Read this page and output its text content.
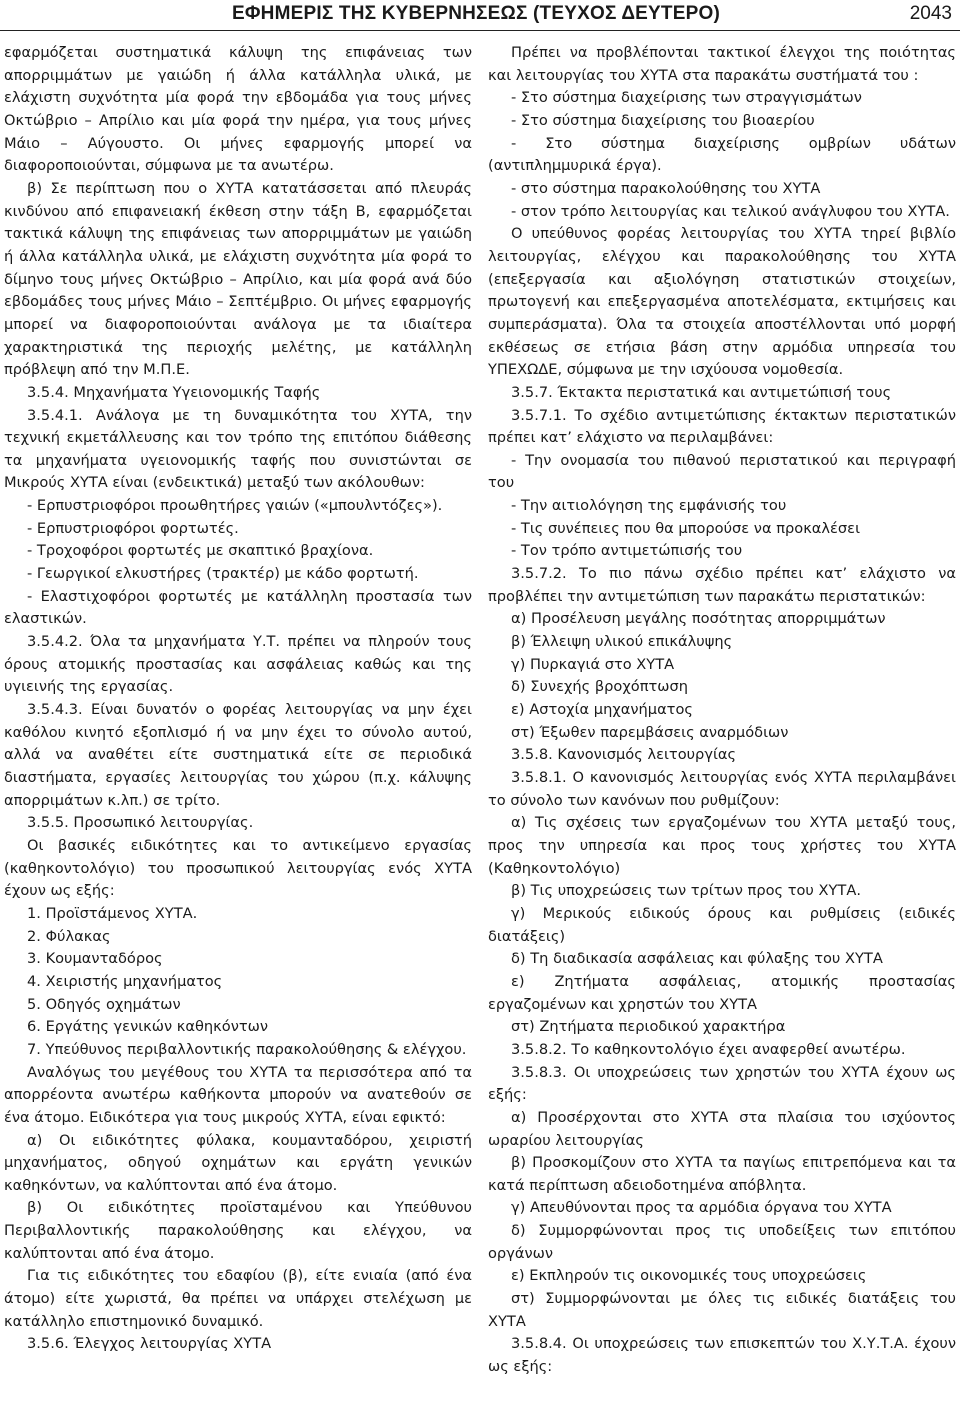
ΕΦΗΜΕΡΙΣ ΤΗΣ ΚΥΒΕΡΝΗΣΕΩΣ (ΤΕΥΧΟΣ ΔΕΥΤΕΡΟ)	2043

εφαρμόζεται συστηματικά κάλυψη της επιφάνειας των απορριμμάτων με γαιώδη ή άλλα κατάλληλα υλικά, με ελάχιστη συχνότητα μία φορά την εβδομάδα για τους μήνες Οκτώβριο – Απρίλιο και μία φορά την ημέρα, για τους μήνες Μάιο – Αύγουστο. Οι μήνες εφαρμογής μπορεί να διαφοροποιούνται, σύμφωνα με τα ανωτέρω.

β) Σε περίπτωση που ο ΧΥΤΑ κατατάσσεται από πλευράς κινδύνου από επιφανειακή έκθεση στην τάξη Β, εφαρμόζεται τακτικά κάλυψη της επιφάνειας των απορριμμάτων με γαιώδη ή άλλα κατάλληλα υλικά, με ελάχιστη συχνότητα μία φορά το δίμηνο τους μήνες Οκτώβριο – Απρίλιο, και μία φορά ανά δύο εβδομάδες τους μήνες Μάιο – Σεπτέμβριο. Οι μήνες εφαρμογής μπορεί να διαφοροποιούνται ανάλογα με τα ιδιαίτερα χαρακτηριστικά της περιοχής μελέτης, με κατάλληλη πρόβλεψη από την Μ.Π.Ε.

3.5.4. Μηχανήματα Υγειονομικής Ταφής

3.5.4.1. Ανάλογα με τη δυναμικότητα του ΧΥΤΑ, την τεχνική εκμετάλλευσης και τον τρόπο της επιτόπου διάθεσης τα μηχανήματα υγειονομικής ταφής που συνιστώνται σε Μικρούς ΧΥΤΑ είναι (ενδεικτικά) μεταξύ των ακόλουθων:

- Ερπυστριοφόροι προωθητήρες γαιών («μπουλντόζες»).

- Ερπυστριοφόροι φορτωτές.

- Τροχοφόροι φορτωτές με σκαπτικό βραχίονα.

- Γεωργικοί ελκυστήρες (τρακτέρ) με κάδο φορτωτή.

- Ελαστιχοφόροι φορτωτές με κατάλληλη προστασία των ελαστικών.

3.5.4.2. Όλα τα μηχανήματα Υ.Τ. πρέπει να πληρούν τους όρους ατομικής προστασίας και ασφάλειας καθώς και της υγιεινής της εργασίας.

3.5.4.3. Είναι δυνατόν ο φορέας λειτουργίας να μην έχει καθόλου κινητό εξοπλισμό ή να μην έχει το σύνολο αυτού, αλλά να αναθέτει είτε συστηματικά είτε σε περιοδικά διαστήματα, εργασίες λειτουργίας του χώρου (π.χ. κάλυψης απορριμάτων κ.λπ.) σε τρίτο.

3.5.5. Προσωπικό λειτουργίας.

Οι βασικές ειδικότητες και το αντικείμενο εργασίας (καθηκοντολόγιο) του προσωπικού λειτουργίας ενός ΧΥΤΑ έχουν ως εξής:

1. Προϊστάμενος ΧΥΤΑ.

2. Φύλακας

3. Κουμανταδόρος

4. Χειριστής μηχανήματος

5. Οδηγός οχημάτων

6. Εργάτης γενικών καθηκόντων

7. Υπεύθυνος περιβαλλοντικής παρακολούθησης & ελέγχου.

Αναλόγως του μεγέθους του ΧΥΤΑ τα περισσότερα από τα απορρέοντα ανωτέρω καθήκοντα μπορούν να ανατεθούν σε ένα άτομο. Ειδικότερα για τους μικρούς ΧΥΤΑ, είναι εφικτό:

α) Οι ειδικότητες φύλακα, κουμανταδόρου, χειριστή μηχανήματος, οδηγού οχημάτων και εργάτη γενικών καθηκόντων, να καλύπτονται από ένα άτομο.

β) Οι ειδικότητες προϊσταμένου και Υπεύθυνου Περιβαλλοντικής παρακολούθησης και ελέγχου, να καλύπτονται από ένα άτομο.

Για τις ειδικότητες του εδαφίου (β), είτε ενιαία (από ένα άτομο) είτε χωριστά, θα πρέπει να υπάρχει στελέχωση με κατάλληλο επιστημονικό δυναμικό.

3.5.6. Έλεγχος λειτουργίας ΧΥΤΑ

Πρέπει να προβλέπονται τακτικοί έλεγχοι της ποιότητας και λειτουργίας του ΧΥΤΑ στα παρακάτω συστήματά του :

- Στο σύστημα διαχείρισης των στραγγισμάτων

- Στο σύστημα διαχείρισης του βιοαερίου

- Στο σύστημα διαχείρισης ομβρίων υδάτων (αντιπλημμυρικά έργα).

- στο σύστημα παρακολούθησης του ΧΥΤΑ

- στον τρόπο λειτουργίας και τελικού ανάγλυφου του ΧΥΤΑ.

Ο υπεύθυνος φορέας λειτουργίας του ΧΥΤΑ τηρεί βιβλίο λειτουργίας, ελέγχου και παρακολούθησης του ΧΥΤΑ (επεξεργασία και αξιολόγηση στατιστικών στοιχείων, πρωτογενή και επεξεργασμένα αποτελέσματα, εκτιμήσεις και συμπεράσματα). Όλα τα στοιχεία αποστέλλονται υπό μορφή εκθέσεως σε ετήσια βάση στην αρμόδια υπηρεσία του ΥΠΕΧΩΔΕ, σύμφωνα με την ισχύουσα νομοθεσία.

3.5.7. Έκτακτα περιστατικά και αντιμετώπισή τους

3.5.7.1. Το σχέδιο αντιμετώπισης έκτακτων περιστατικών πρέπει κατ’ ελάχιστο να περιλαμβάνει:

- Την ονομασία του πιθανού περιστατικού και περιγραφή του

- Την αιτιολόγηση της εμφάνισής του

- Τις συνέπειες που θα μπορούσε να προκαλέσει

- Τον τρόπο αντιμετώπισής του

3.5.7.2. Το πιο πάνω σχέδιο πρέπει κατ’ ελάχιστο να προβλέπει την αντιμετώπιση των παρακάτω περιστατικών:

α) Προσέλευση μεγάλης ποσότητας απορριμμάτων

β) Έλλειψη υλικού επικάλυψης

γ) Πυρκαγιά στο ΧΥΤΑ

δ) Συνεχής βροχόπτωση

ε) Αστοχία μηχανήματος

στ) Έξωθεν παρεμβάσεις αναρμόδιων

3.5.8. Κανονισμός λειτουργίας

3.5.8.1. Ο κανονισμός λειτουργίας ενός ΧΥΤΑ περιλαμβάνει το σύνολο των κανόνων που ρυθμίζουν:

α) Τις σχέσεις των εργαζομένων του ΧΥΤΑ μεταξύ τους, προς την υπηρεσία και προς τους χρήστες του ΧΥΤΑ (Καθηκοντολόγιο)

β) Τις υποχρεώσεις των τρίτων προς του ΧΥΤΑ.

γ) Μερικούς ειδικούς όρους και ρυθμίσεις (ειδικές διατάξεις)

δ) Τη διαδικασία ασφάλειας και φύλαξης του ΧΥΤΑ

ε) Ζητήματα ασφάλειας, ατομικής προστασίας εργαζομένων και χρηστών του ΧΥΤΑ

στ) Ζητήματα περιοδικού χαρακτήρα

3.5.8.2. Το καθηκοντολόγιο έχει αναφερθεί ανωτέρω.

3.5.8.3. Οι υποχρεώσεις των χρηστών του ΧΥΤΑ έχουν ως εξής:

α) Προσέρχονται στο ΧΥΤΑ στα πλαίσια του ισχύοντος ωραρίου λειτουργίας

β) Προσκομίζουν στο ΧΥΤΑ τα παγίως επιτρεπόμενα και τα κατά περίπτωση αδειοδοτημένα απόβλητα.

γ) Απευθύνονται προς τα αρμόδια όργανα του ΧΥΤΑ

δ) Συμμορφώνονται προς τις υποδείξεις των επιτόπου οργάνων

ε) Εκπληρούν τις οικονομικές τους υποχρεώσεις

στ) Συμμορφώνονται με όλες τις ειδικές διατάξεις του ΧΥΤΑ

3.5.8.4. Οι υποχρεώσεις των επισκεπτών του Χ.Υ.Τ.Α. έχουν ως εξής:
